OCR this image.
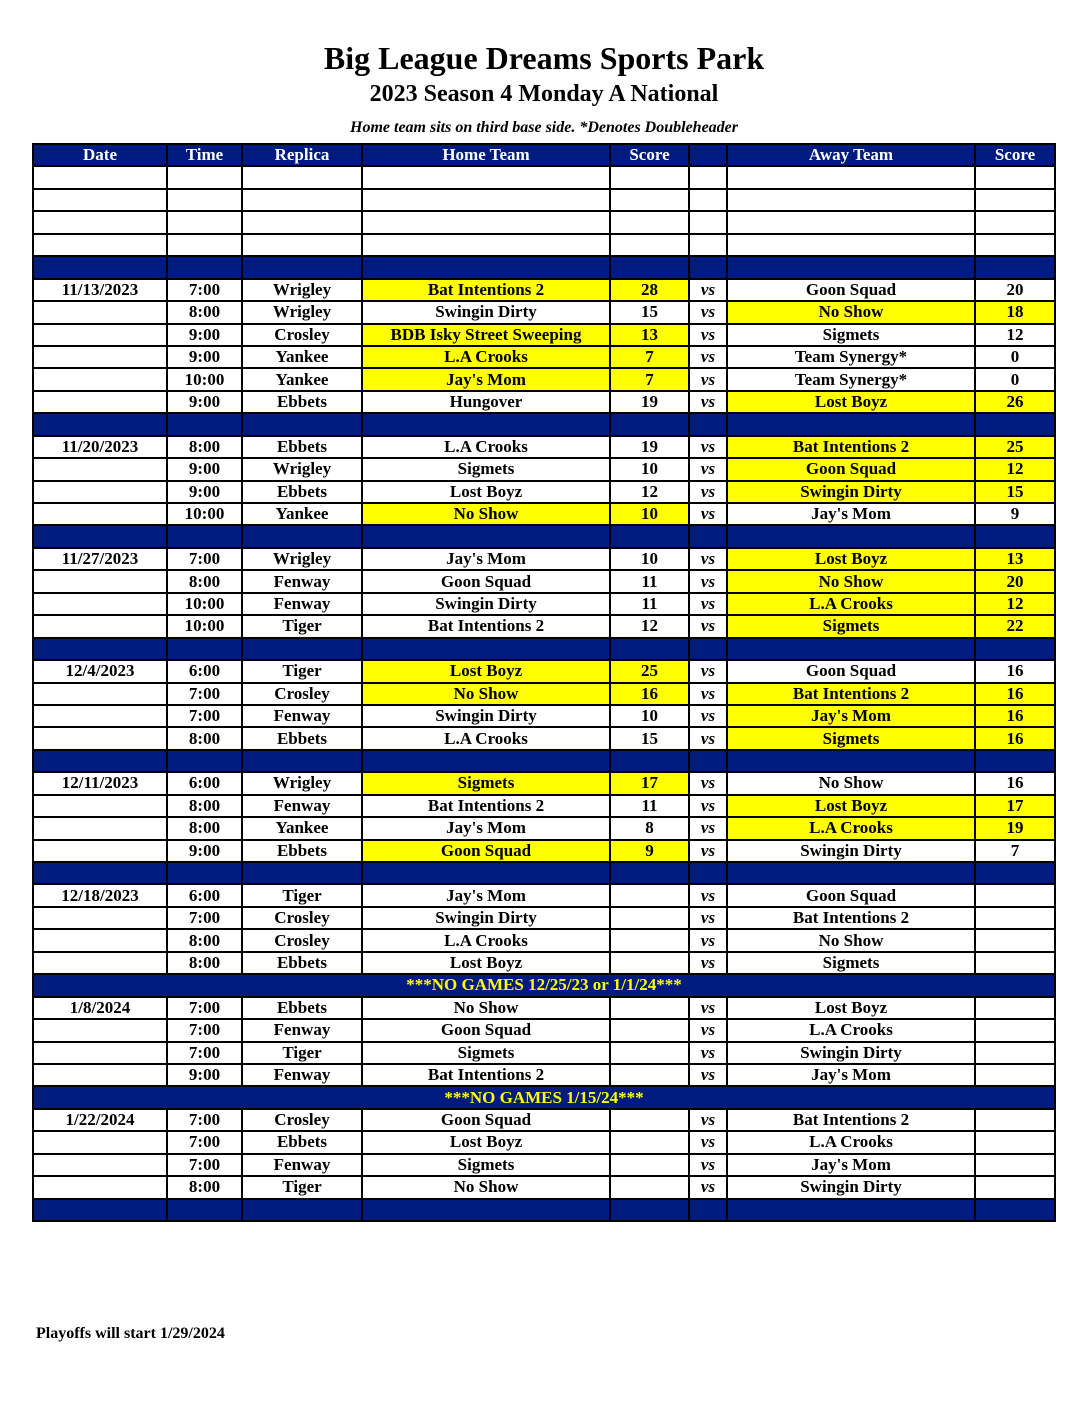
Big League Dreams Sports Park
2023 Season 4 Monday A National
Home team sits on third base side. *Denotes Doubleheader
Date	Time	Replica	Home Team	Score		Away Team	Score

11/13/2023	7:00	Wrigley	Bat Intentions 2	28	vs	Goon Squad	20
	8:00	Wrigley	Swingin Dirty	15	vs	No Show	18
	9:00	Crosley	BDB Isky Street Sweeping	13	vs	Sigmets	12
	9:00	Yankee	L.A Crooks	7	vs	Team Synergy*	0
	10:00	Yankee	Jay's Mom	7	vs	Team Synergy*	0
	9:00	Ebbets	Hungover	19	vs	Lost Boyz	26

11/20/2023	8:00	Ebbets	L.A Crooks	19	vs	Bat Intentions 2	25
	9:00	Wrigley	Sigmets	10	vs	Goon Squad	12
	9:00	Ebbets	Lost Boyz	12	vs	Swingin Dirty	15
	10:00	Yankee	No Show	10	vs	Jay's Mom	9

11/27/2023	7:00	Wrigley	Jay's Mom	10	vs	Lost Boyz	13
	8:00	Fenway	Goon Squad	11	vs	No Show	20
	10:00	Fenway	Swingin Dirty	11	vs	L.A Crooks	12
	10:00	Tiger	Bat Intentions 2	12	vs	Sigmets	22

12/4/2023	6:00	Tiger	Lost Boyz	25	vs	Goon Squad	16
	7:00	Crosley	No Show	16	vs	Bat Intentions 2	16
	7:00	Fenway	Swingin Dirty	10	vs	Jay's Mom	16
	8:00	Ebbets	L.A Crooks	15	vs	Sigmets	16

12/11/2023	6:00	Wrigley	Sigmets	17	vs	No Show	16
	8:00	Fenway	Bat Intentions 2	11	vs	Lost Boyz	17
	8:00	Yankee	Jay's Mom	8	vs	L.A Crooks	19
	9:00	Ebbets	Goon Squad	9	vs	Swingin Dirty	7

12/18/2023	6:00	Tiger	Jay's Mom		vs	Goon Squad	
	7:00	Crosley	Swingin Dirty		vs	Bat Intentions 2	
	8:00	Crosley	L.A Crooks		vs	No Show	
	8:00	Ebbets	Lost Boyz		vs	Sigmets	
***NO GAMES 12/25/23 or 1/1/24***							
1/8/2024	7:00	Ebbets	No Show		vs	Lost Boyz	
	7:00	Fenway	Goon Squad		vs	L.A Crooks	
	7:00	Tiger	Sigmets		vs	Swingin Dirty	
	9:00	Fenway	Bat Intentions 2		vs	Jay's Mom	
***NO GAMES 1/15/24***							
1/22/2024	7:00	Crosley	Goon Squad		vs	Bat Intentions 2	
	7:00	Ebbets	Lost Boyz		vs	L.A Crooks	
	7:00	Fenway	Sigmets		vs	Jay's Mom	
	8:00	Tiger	No Show		vs	Swingin Dirty	

Playoffs will start 1/29/2024
